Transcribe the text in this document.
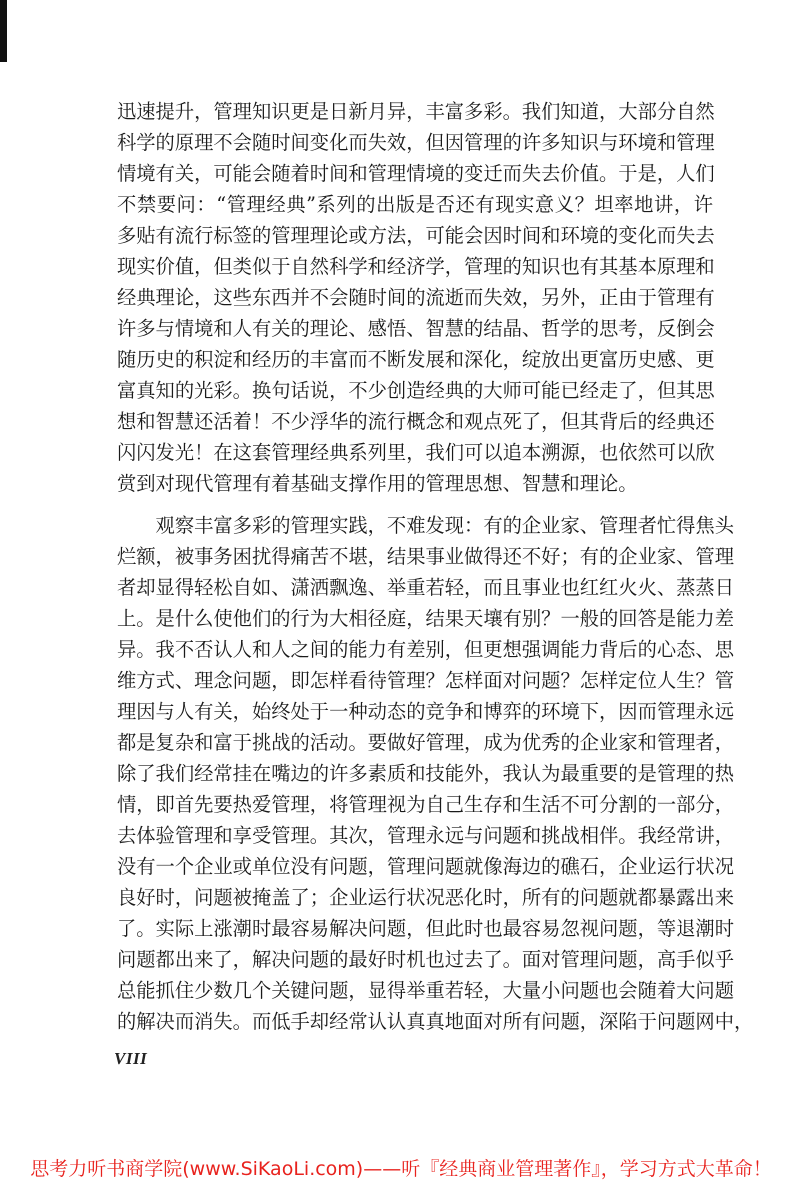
迅速提升，管理知识更是日新月异，丰富多彩。我们知道，大部分自然
科学的原理不会随时间变化而失效，但因管理的许多知识与环境和管理
情境有关，可能会随着时间和管理情境的变迁而失去价值。于是，人们
不禁要问：“管理经典”系列的出版是否还有现实意义？坦率地讲，许
多贴有流行标签的管理理论或方法，可能会因时间和环境的变化而失去
现实价值，但类似于自然科学和经济学，管理的知识也有其基本原理和
经典理论，这些东西并不会随时间的流逝而失效，另外，正由于管理有
许多与情境和人有关的理论、感悟、智慧的结晶、哲学的思考，反倒会
随历史的积淀和经历的丰富而不断发展和深化，绽放出更富历史感、更
富真知的光彩。换句话说，不少创造经典的大师可能已经走了，但其思
想和智慧还活着！不少浮华的流行概念和观点死了，但其背后的经典还
闪闪发光！在这套管理经典系列里，我们可以追本溯源，也依然可以欣
赏到对现代管理有着基础支撑作用的管理思想、智慧和理论。
　　观察丰富多彩的管理实践，不难发现：有的企业家、管理者忙得焦头
烂额，被事务困扰得痛苦不堪，结果事业做得还不好；有的企业家、管理
者却显得轻松自如、潇洒飘逸、举重若轻，而且事业也红红火火、蒸蒸日
上。是什么使他们的行为大相径庭，结果天壤有别？一般的回答是能力差
异。我不否认人和人之间的能力有差别，但更想强调能力背后的心态、思
维方式、理念问题，即怎样看待管理？怎样面对问题？怎样定位人生？管
理因与人有关，始终处于一种动态的竞争和博弈的环境下，因而管理永远
都是复杂和富于挑战的活动。要做好管理，成为优秀的企业家和管理者，
除了我们经常挂在嘴边的许多素质和技能外，我认为最重要的是管理的热
情，即首先要热爱管理，将管理视为自己生存和生活不可分割的一部分，
去体验管理和享受管理。其次，管理永远与问题和挑战相伴。我经常讲，
没有一个企业或单位没有问题，管理问题就像海边的礁石，企业运行状况
良好时，问题被掩盖了；企业运行状况恶化时，所有的问题就都暴露出来
了。实际上涨潮时最容易解决问题，但此时也最容易忽视问题，等退潮时
问题都出来了，解决问题的最好时机也过去了。面对管理问题，高手似乎
总能抓住少数几个关键问题，显得举重若轻，大量小问题也会随着大问题
的解决而消失。而低手却经常认认真真地面对所有问题，深陷于问题网中，
VIII
思考力听书商学院(www.SiKaoLi.com)——听『经典商业管理著作』，学习方式大革命！
